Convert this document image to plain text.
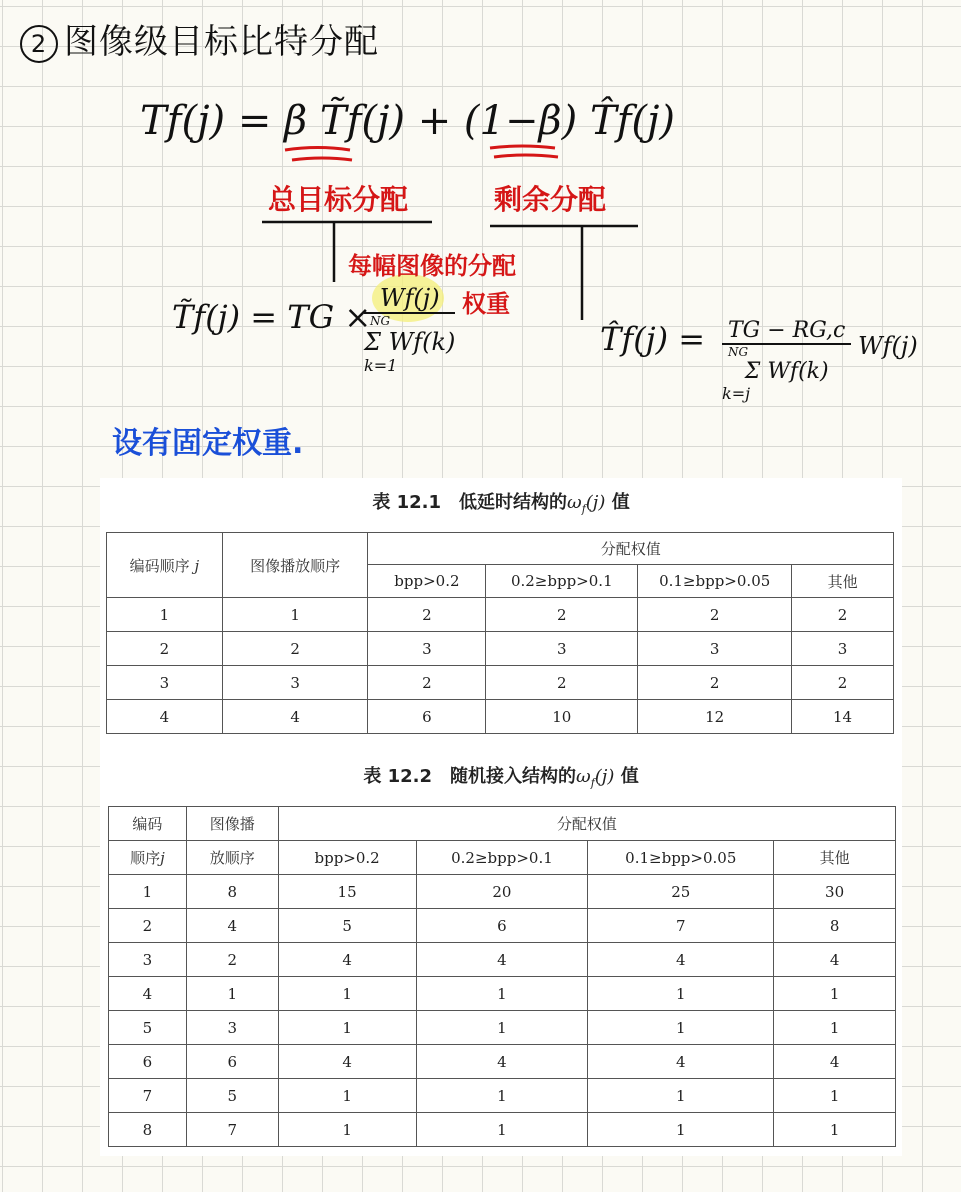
2 图像级目标比特分配
Tf(j) = β T̃f(j) + (1−β) T̂f(j)
总目标分配	剩余分配
每幅图像的分配
权重
T̃f(j) = TG × Wf(j)
NG
Σ Wf(k)
k=1
T̂f(j) = TG − RG,c
NG
Σ Wf(k)
k=j
Wf(j)
设有固定权重.
表 12.1　低延时结构的$\omega_f(j)$ 值
编码顺序 j	图像播放顺序	分配权值			
		bpp>0.2	0.2≥bpp>0.1	0.1≥bpp>0.05	其他
1	1	2	2	2	2
2	2	3	3	3	3
3	3	2	2	2	2
4	4	6	10	12	14
表 12.2　随机接入结构的$\omega_f(j)$ 值
编码	图像播	分配权值			
顺序j	放顺序	bpp>0.2	0.2≥bpp>0.1	0.1≥bpp>0.05	其他
1	8	15	20	25	30
2	4	5	6	7	8
3	2	4	4	4	4
4	1	1	1	1	1
5	3	1	1	1	1
6	6	4	4	4	4
7	5	1	1	1	1
8	7	1	1	1	1
